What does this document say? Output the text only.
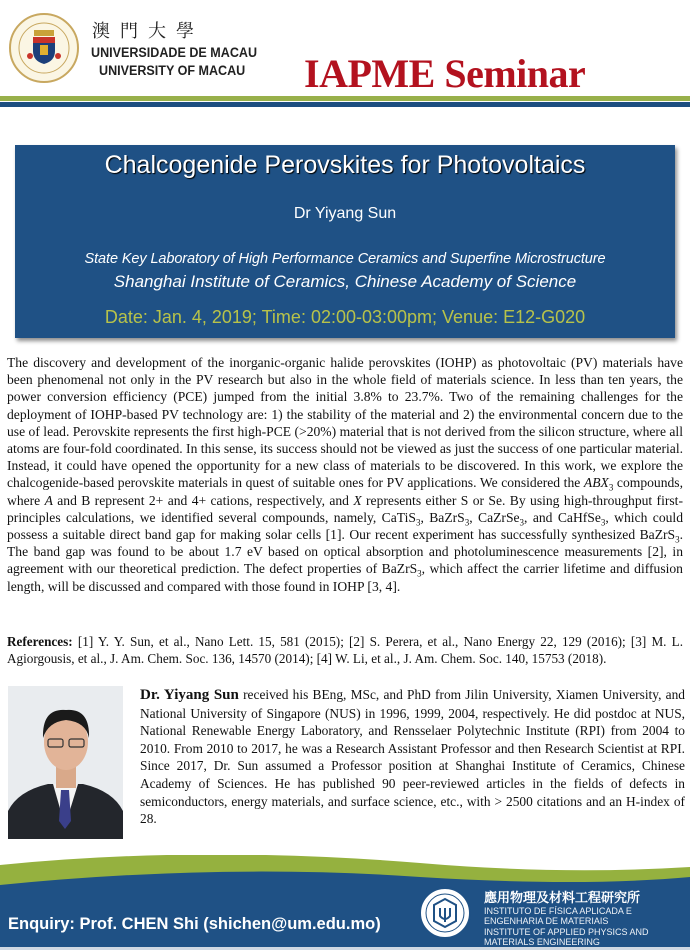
澳門大學
UNIVERSIDADE DE MACAU
UNIVERSITY OF MACAU IAPME Seminar
Chalcogenide Perovskites for Photovoltaics
Dr Yiyang Sun
State Key Laboratory of High Performance Ceramics and Superfine Microstructure
Shanghai Institute of Ceramics, Chinese Academy of Science
Date: Jan. 4, 2019; Time: 02:00-03:00pm; Venue: E12-G020
The discovery and development of the inorganic-organic halide perovskites (IOHP) as photovoltaic (PV) materials have been phenomenal not only in the PV research but also in the whole field of materials science. In less than ten years, the power conversion efficiency (PCE) jumped from the initial 3.8% to 23.7%. Two of the remaining challenges for the deployment of IOHP-based PV technology are: 1) the stability of the material and 2) the environmental concern due to the use of lead. Perovskite represents the first high-PCE (>20%) material that is not derived from the silicon structure, where all atoms are four-fold coordinated. In this sense, its success should not be viewed as just the success of one particular material. Instead, it could have opened the opportunity for a new class of materials to be discovered. In this work, we explore the chalcogenide-based perovskite materials in quest of suitable ones for PV applications. We considered the $ABX_3$ compounds, where A and B represent 2+ and 4+ cations, respectively, and X represents either S or Se. By using high-throughput first-principles calculations, we identified several compounds, namely, CaTiS$_3$, BaZrS$_3$, CaZrSe$_3$, and CaHfSe$_3$, which could possess a suitable direct band gap for making solar cells [1]. Our recent experiment has successfully synthesized BaZrS$_3$. The band gap was found to be about 1.7 eV based on optical absorption and photoluminescence measurements [2], in agreement with our theoretical prediction. The defect properties of BaZrS$_3$, which affect the carrier lifetime and diffusion length, will be discussed and compared with those found in IOHP [3, 4].
References: [1] Y. Y. Sun, et al., Nano Lett. 15, 581 (2015); [2] S. Perera, et al., Nano Energy 22, 129 (2016); [3] M. L. Agiorgousis, et al., J. Am. Chem. Soc. 136, 14570 (2014); [4] W. Li, et al., J. Am. Chem. Soc. 140, 15753 (2018).
Dr. Yiyang Sun received his BEng, MSc, and PhD from Jilin University, Xiamen University, and National University of Singapore (NUS) in 1996, 1999, 2004, respectively. He did postdoc at NUS, National Renewable Energy Laboratory, and Rensselaer Polytechnic Institute (RPI) from 2004 to 2010. From 2010 to 2017, he was a Research Assistant Professor and then Research Scientist at RPI. Since 2017, Dr. Sun assumed a Professor position at Shanghai Institute of Ceramics, Chinese Academy of Sciences. He has published 90 peer-reviewed articles in the fields of defects in semiconductors, energy materials, and surface science, etc., with > 2500 citations and an H-index of 28.
Enquiry: Prof. CHEN Shi (shichen@um.edu.mo)
應用物理及材料工程研究所
INSTITUTO DE FÍSICA APLICADA E ENGENHARIA DE MATERIAIS
INSTITUTE OF APPLIED PHYSICS AND MATERIALS ENGINEERING
